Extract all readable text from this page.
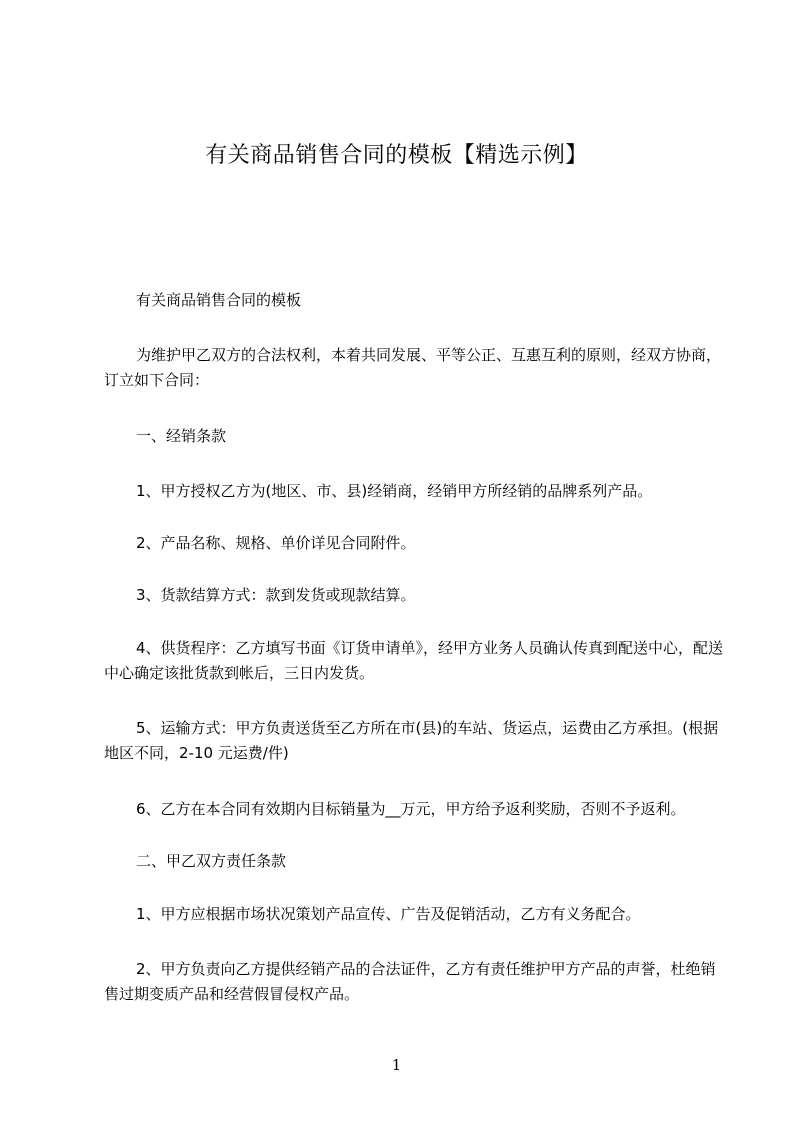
有关商品销售合同的模板【精选示例】
有关商品销售合同的模板
为维护甲乙双方的合法权利，本着共同发展、平等公正、互惠互利的原则，经双方协商，订立如下合同：
一、经销条款
1、甲方授权乙方为(地区、市、县)经销商，经销甲方所经销的品牌系列产品。
2、产品名称、规格、单价详见合同附件。
3、货款结算方式：款到发货或现款结算。
4、供货程序：乙方填写书面《订货申请单》，经甲方业务人员确认传真到配送中心，配送中心确定该批货款到帐后，三日内发货。
5、运输方式：甲方负责送货至乙方所在市(县)的车站、货运点，运费由乙方承担。(根据地区不同，2-10 元运费/件)
6、乙方在本合同有效期内目标销量为__万元，甲方给予返利奖励，否则不予返利。
二、甲乙双方责任条款
1、甲方应根据市场状况策划产品宣传、广告及促销活动，乙方有义务配合。
2、甲方负责向乙方提供经销产品的合法证件，乙方有责任维护甲方产品的声誉，杜绝销售过期变质产品和经营假冒侵权产品。
1
